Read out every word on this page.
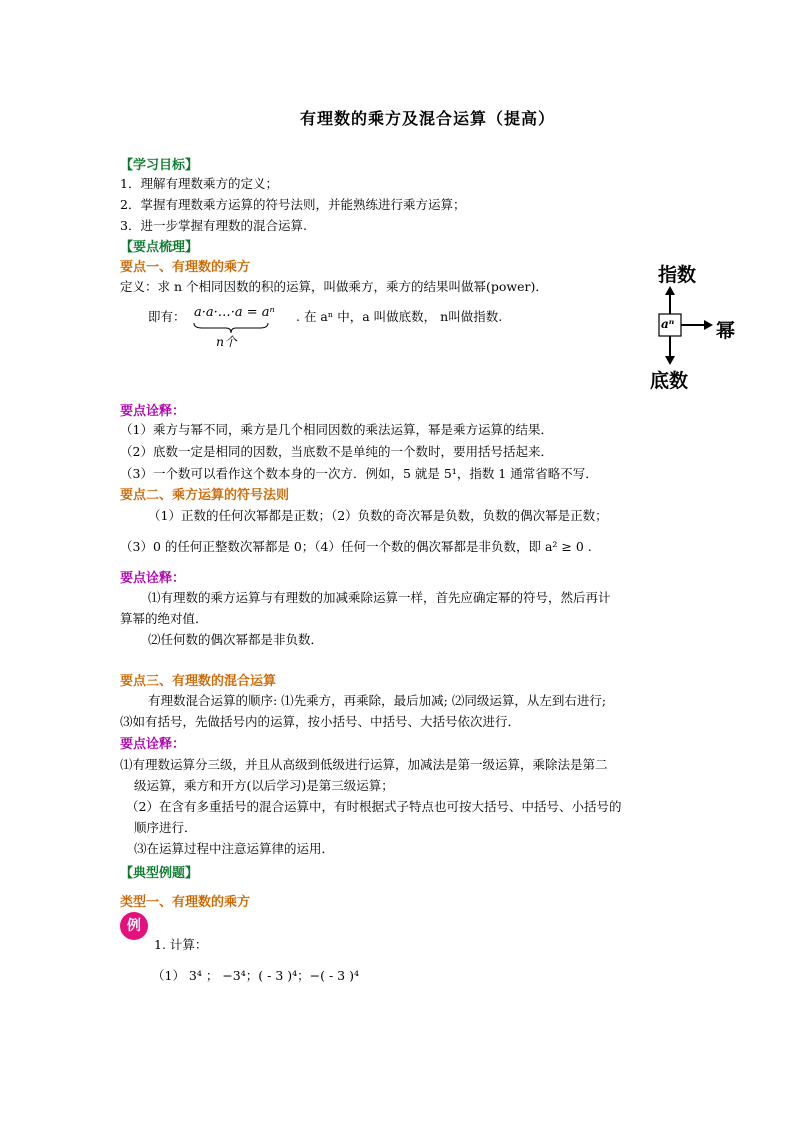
有理数的乘方及混合运算（提高）
【学习目标】
1．理解有理数乘方的定义；
2．掌握有理数乘方运算的符号法则，并能熟练进行乘方运算；
3．进一步掌握有理数的混合运算.
【要点梳理】
要点一、有理数的乘方
定义：求 n 个相同因数的积的运算，叫做乘方，乘方的结果叫做幂(power)．
即有： a·a·…·a = aⁿ
n个
. 在 aⁿ 中，a 叫做底数， n叫做指数.
指数
幂
底数
aⁿ
要点诠释：
（1）乘方与幂不同，乘方是几个相同因数的乘法运算，幂是乘方运算的结果．
（2）底数一定是相同的因数，当底数不是单纯的一个数时，要用括号括起来．
（3）一个数可以看作这个数本身的一次方．例如，5 就是 5¹，指数 1 通常省略不写．
要点二、乘方运算的符号法则
（1）正数的任何次幂都是正数；（2）负数的奇次幂是负数，负数的偶次幂是正数；
（3）0 的任何正整数次幂都是 0；（4）任何一个数的偶次幂都是非负数，即 a² ≥ 0 .
要点诠释：
⑴有理数的乘方运算与有理数的加减乘除运算一样，首先应确定幂的符号，然后再计
算幂的绝对值．
⑵任何数的偶次幂都是非负数．
要点三、有理数的混合运算
有理数混合运算的顺序: ⑴先乘方，再乘除，最后加减; ⑵同级运算，从左到右进行;
⑶如有括号，先做括号内的运算，按小括号、中括号、大括号依次进行．
要点诠释：
⑴有理数运算分三级，并且从高级到低级进行运算，加减法是第一级运算，乘除法是第二
级运算，乘方和开方(以后学习)是第三级运算；
（2）在含有多重括号的混合运算中，有时根据式子特点也可按大括号、中括号、小括号的
顺序进行．
⑶在运算过程中注意运算律的运用．
【典型例题】
类型一、有理数的乘方
例
1. 计算：
（1） 3⁴ ； −3⁴；( - 3 )⁴；−( - 3 )⁴
